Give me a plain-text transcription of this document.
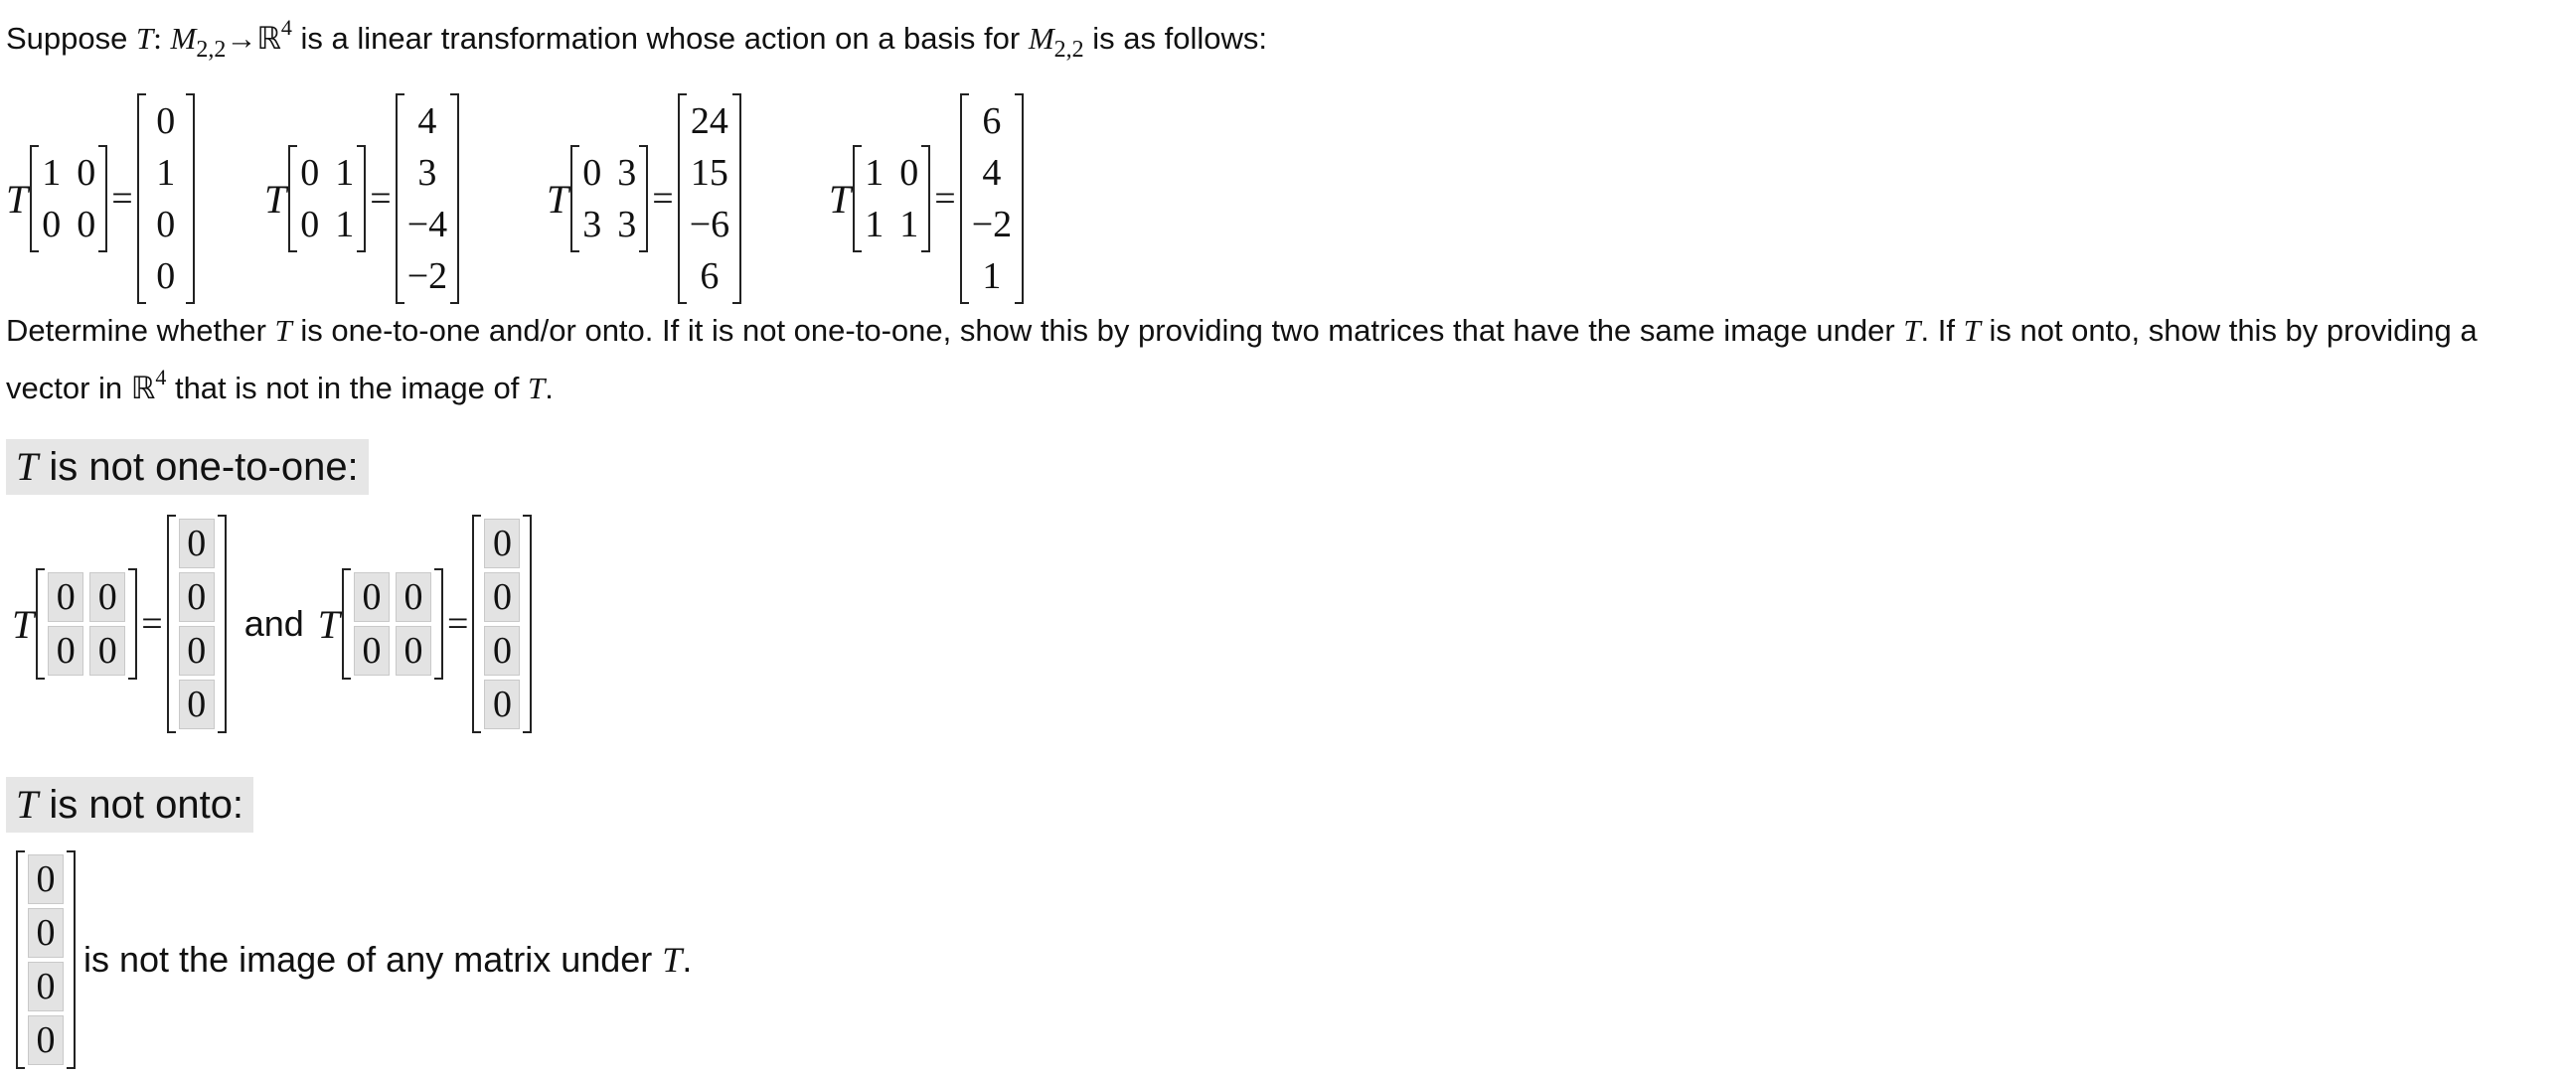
Suppose T: $M_{2,2}\to ℝ^4$ is a linear transformation whose action on a basis for $M_{2,2}$ is as follows:
T
1 0
0 0
=
0
1
0
0
T
0 1
0 1
=
4
3
−4
−2
T
0 3
3 3
=
24
15
−6
6
T
1 0
1 1
=
6
4
−2
1
Determine whether T is one-to-one and/or onto. If it is not one-to-one, show this by providing two matrices that have the same image under T. If T is not onto, show this by providing a
vector in ℝ$^4$ that is not in the image of T.
T is not one-to-one:
T
0 0
0 0
=
0
0
0
0
and T
0 0
0 0
=
0
0
0
0
T is not onto:
0
0
0
0
is not the image of any matrix under T.
